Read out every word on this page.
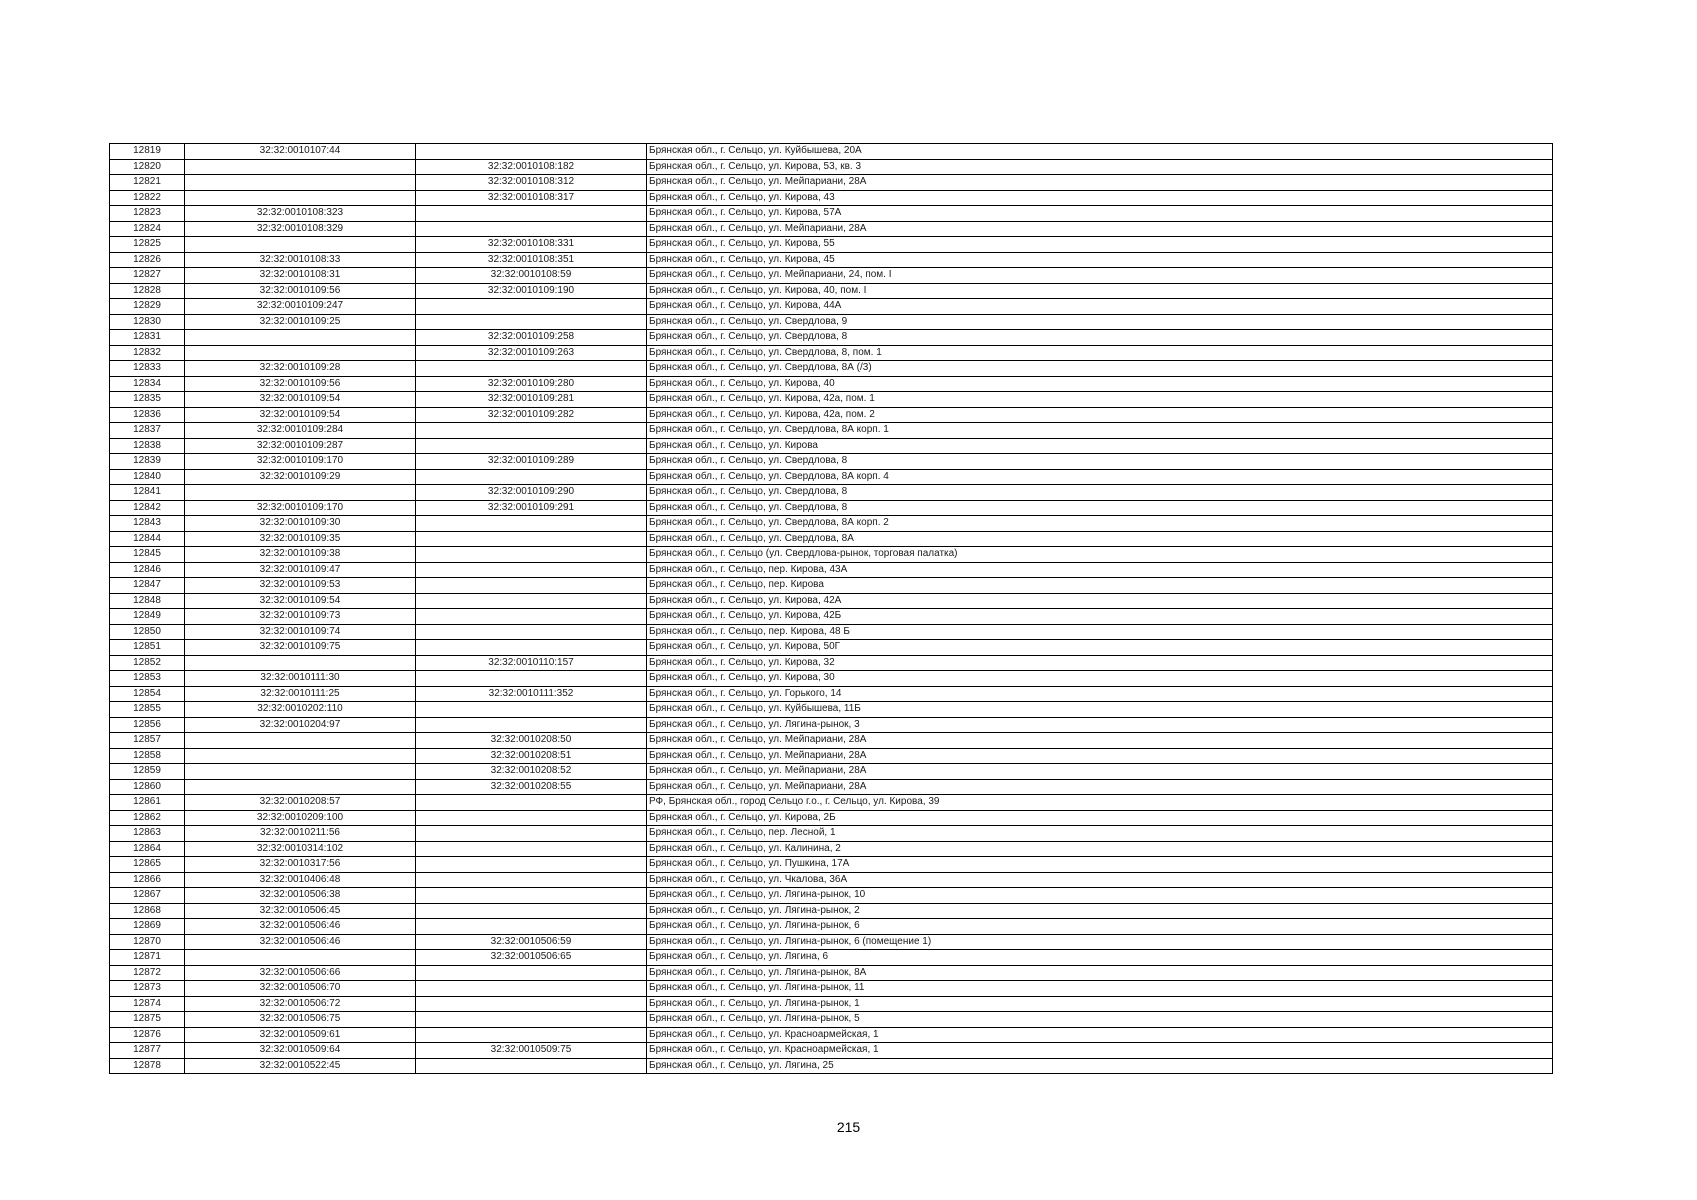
12819	32:32:0010107:44		Брянская обл., г. Сельцо, ул. Куйбышева, 20А
12820		32:32:0010108:182	Брянская обл., г. Сельцо, ул. Кирова, 53, кв. 3
12821		32:32:0010108:312	Брянская обл., г. Сельцо, ул. Мейпариани, 28А
12822		32:32:0010108:317	Брянская обл., г. Сельцо, ул. Кирова, 43
12823	32:32:0010108:323		Брянская обл., г. Сельцо, ул. Кирова, 57А
12824	32:32:0010108:329		Брянская обл., г. Сельцо, ул. Мейпариани, 28А
12825		32:32:0010108:331	Брянская обл., г. Сельцо, ул. Кирова, 55
12826	32:32:0010108:33	32:32:0010108:351	Брянская обл., г. Сельцо, ул. Кирова, 45
12827	32:32:0010108:31	32:32:0010108:59	Брянская обл., г. Сельцо, ул. Мейпариани, 24, пом. I
12828	32:32:0010109:56	32:32:0010109:190	Брянская обл., г. Сельцо, ул. Кирова, 40, пом. I
12829	32:32:0010109:247		Брянская обл., г. Сельцо, ул. Кирова, 44А
12830	32:32:0010109:25		Брянская обл., г. Сельцо, ул. Свердлова, 9
12831		32:32:0010109:258	Брянская обл., г. Сельцо, ул. Свердлова, 8
12832		32:32:0010109:263	Брянская обл., г. Сельцо, ул. Свердлова, 8, пом. 1
12833	32:32:0010109:28		Брянская обл., г. Сельцо, ул. Свердлова, 8А (/3)
12834	32:32:0010109:56	32:32:0010109:280	Брянская обл., г. Сельцо, ул. Кирова, 40
12835	32:32:0010109:54	32:32:0010109:281	Брянская обл., г. Сельцо, ул. Кирова, 42а, пом. 1
12836	32:32:0010109:54	32:32:0010109:282	Брянская обл., г. Сельцо, ул. Кирова, 42а, пом. 2
12837	32:32:0010109:284		Брянская обл., г. Сельцо, ул. Свердлова, 8А корп. 1
12838	32:32:0010109:287		Брянская обл., г. Сельцо, ул. Кирова
12839	32:32:0010109:170	32:32:0010109:289	Брянская обл., г. Сельцо, ул. Свердлова, 8
12840	32:32:0010109:29		Брянская обл., г. Сельцо, ул. Свердлова, 8А корп. 4
12841		32:32:0010109:290	Брянская обл., г. Сельцо, ул. Свердлова, 8
12842	32:32:0010109:170	32:32:0010109:291	Брянская обл., г. Сельцо, ул. Свердлова, 8
12843	32:32:0010109:30		Брянская обл., г. Сельцо, ул. Свердлова, 8А корп. 2
12844	32:32:0010109:35		Брянская обл., г. Сельцо, ул. Свердлова, 8А
12845	32:32:0010109:38		Брянская обл., г. Сельцо (ул. Свердлова-рынок, торговая палатка)
12846	32:32:0010109:47		Брянская обл., г. Сельцо, пер. Кирова, 43А
12847	32:32:0010109:53		Брянская обл., г. Сельцо, пер. Кирова
12848	32:32:0010109:54		Брянская обл., г. Сельцо, ул. Кирова, 42А
12849	32:32:0010109:73		Брянская обл., г. Сельцо, ул. Кирова, 42Б
12850	32:32:0010109:74		Брянская обл., г. Сельцо, пер. Кирова, 48 Б
12851	32:32:0010109:75		Брянская обл., г. Сельцо, ул. Кирова, 50Г
12852		32:32:0010110:157	Брянская обл., г. Сельцо, ул. Кирова, 32
12853	32:32:0010111:30		Брянская обл., г. Сельцо, ул. Кирова, 30
12854	32:32:0010111:25	32:32:0010111:352	Брянская обл., г. Сельцо, ул. Горького, 14
12855	32:32:0010202:110		Брянская обл., г. Сельцо, ул. Куйбышева, 11Б
12856	32:32:0010204:97		Брянская обл., г. Сельцо, ул. Лягина-рынок, 3
12857		32:32:0010208:50	Брянская обл., г. Сельцо, ул. Мейпариани, 28А
12858		32:32:0010208:51	Брянская обл., г. Сельцо, ул. Мейпариани, 28А
12859		32:32:0010208:52	Брянская обл., г. Сельцо, ул. Мейпариани, 28А
12860		32:32:0010208:55	Брянская обл., г. Сельцо, ул. Мейпариани, 28А
12861	32:32:0010208:57		РФ, Брянская обл., город Сельцо г.о., г. Сельцо, ул. Кирова, 39
12862	32:32:0010209:100		Брянская обл., г. Сельцо, ул. Кирова, 2Б
12863	32:32:0010211:56		Брянская обл., г. Сельцо, пер. Лесной, 1
12864	32:32:0010314:102		Брянская обл., г. Сельцо, ул. Калинина, 2
12865	32:32:0010317:56		Брянская обл., г. Сельцо, ул. Пушкина, 17А
12866	32:32:0010406:48		Брянская обл., г. Сельцо, ул. Чкалова, 36А
12867	32:32:0010506:38		Брянская обл., г. Сельцо, ул. Лягина-рынок, 10
12868	32:32:0010506:45		Брянская обл., г. Сельцо, ул. Лягина-рынок, 2
12869	32:32:0010506:46		Брянская обл., г. Сельцо, ул. Лягина-рынок, 6
12870	32:32:0010506:46	32:32:0010506:59	Брянская обл., г. Сельцо, ул. Лягина-рынок, 6 (помещение 1)
12871		32:32:0010506:65	Брянская обл., г. Сельцо, ул. Лягина, 6
12872	32:32:0010506:66		Брянская обл., г. Сельцо, ул. Лягина-рынок, 8А
12873	32:32:0010506:70		Брянская обл., г. Сельцо, ул. Лягина-рынок, 11
12874	32:32:0010506:72		Брянская обл., г. Сельцо, ул. Лягина-рынок, 1
12875	32:32:0010506:75		Брянская обл., г. Сельцо, ул. Лягина-рынок, 5
12876	32:32:0010509:61		Брянская обл., г. Сельцо, ул. Красноармейская, 1
12877	32:32:0010509:64	32:32:0010509:75	Брянская обл., г. Сельцо, ул. Красноармейская, 1
12878	32:32:0010522:45		Брянская обл., г. Сельцо, ул. Лягина, 25
215
